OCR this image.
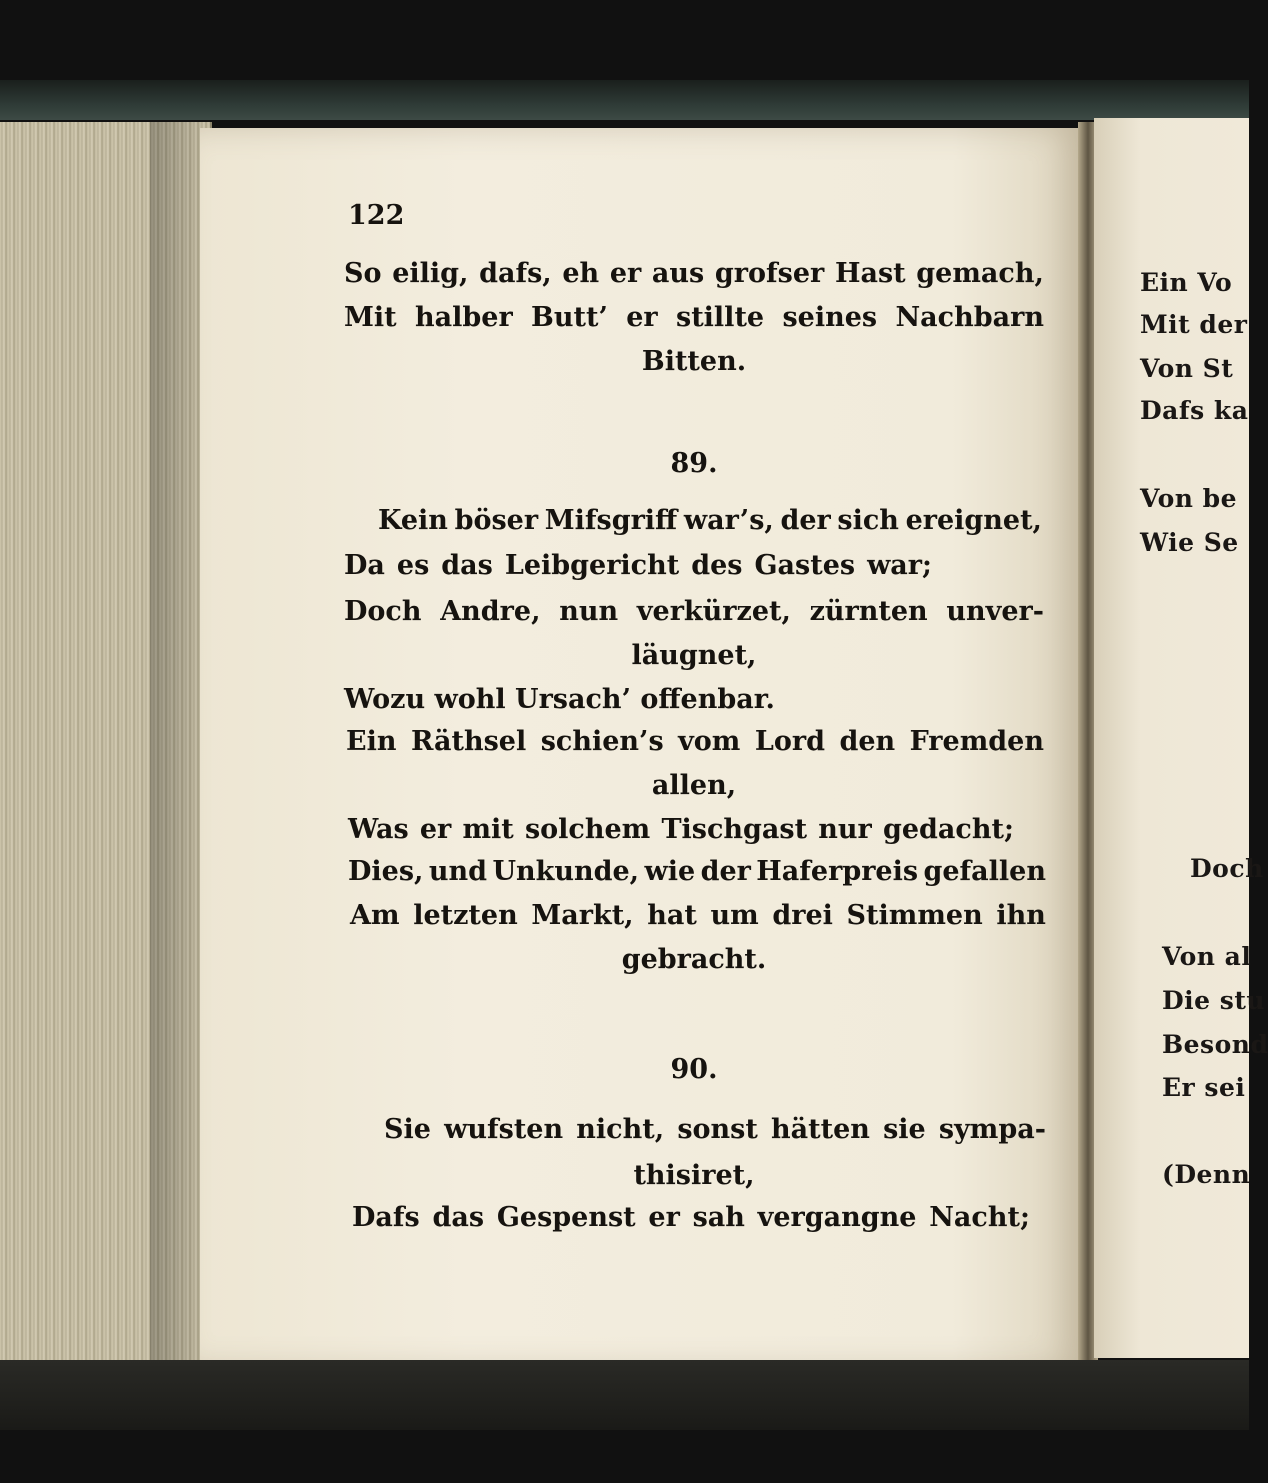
Ein Vo
Mit der
Von St
Dafs ka
Von be
Wie Se
Doch
Von al
Die stu
Besond
Er sei
(Denn
122
So eilig, dafs, eh er aus grofser Hast gemach,
Mit halber Butt’ er stillte seines Nachbarn
Bitten.
89.
Kein böser Mifsgriff war’s, der sich ereignet,
Da es das Leibgericht des Gastes war;
Doch Andre, nun verkürzet, zürnten unver-
läugnet,
Wozu wohl Ursach’ offenbar.
Ein Räthsel schien’s vom Lord den Fremden
allen,
Was er mit solchem Tischgast nur gedacht;
Dies, und Unkunde, wie der Haferpreis gefallen
Am letzten Markt, hat um drei Stimmen ihn
gebracht.
90.
Sie wufsten nicht, sonst hätten sie sympa-
thisiret,
Dafs das Gespenst er sah vergangne Nacht;
